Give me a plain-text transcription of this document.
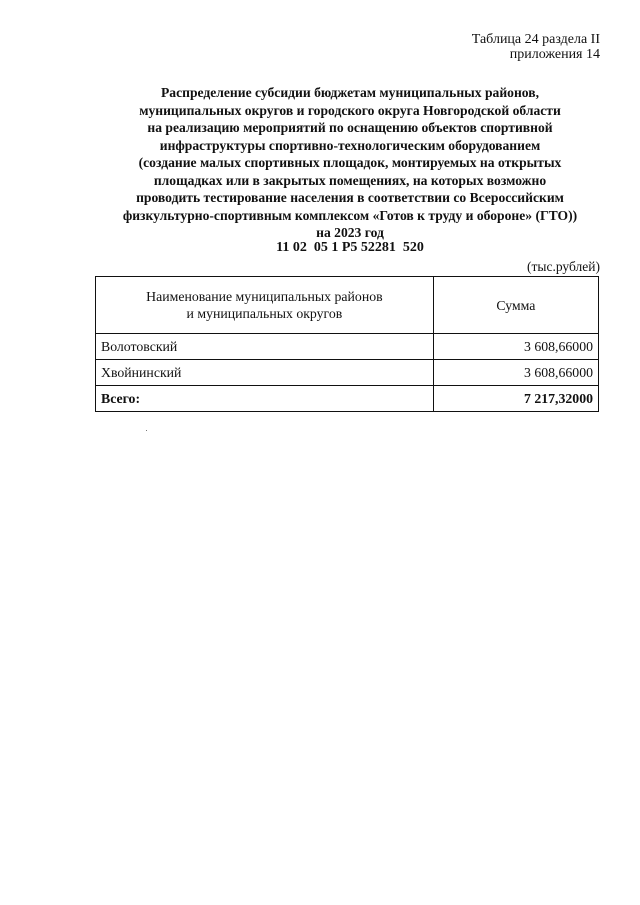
Таблица 24 раздела II
приложения 14
Распределение субсидии бюджетам муниципальных районов,
муниципальных округов и городского округа Новгородской области
на реализацию мероприятий по оснащению объектов спортивной
инфраструктуры спортивно-технологическим оборудованием
(создание малых спортивных площадок, монтируемых на открытых
площадках или в закрытых помещениях, на которых возможно
проводить тестирование населения в соответствии со Всероссийским
физкультурно-спортивным комплексом «Готов к труду и обороне» (ГТО))
на 2023 год
11 02  05 1 P5 52281  520
(тыс.рублей)
Наименование муниципальных районов
и муниципальных округов	Сумма
Волотовский	3 608,66000
Хвойнинский	3 608,66000
Всего:	7 217,32000
